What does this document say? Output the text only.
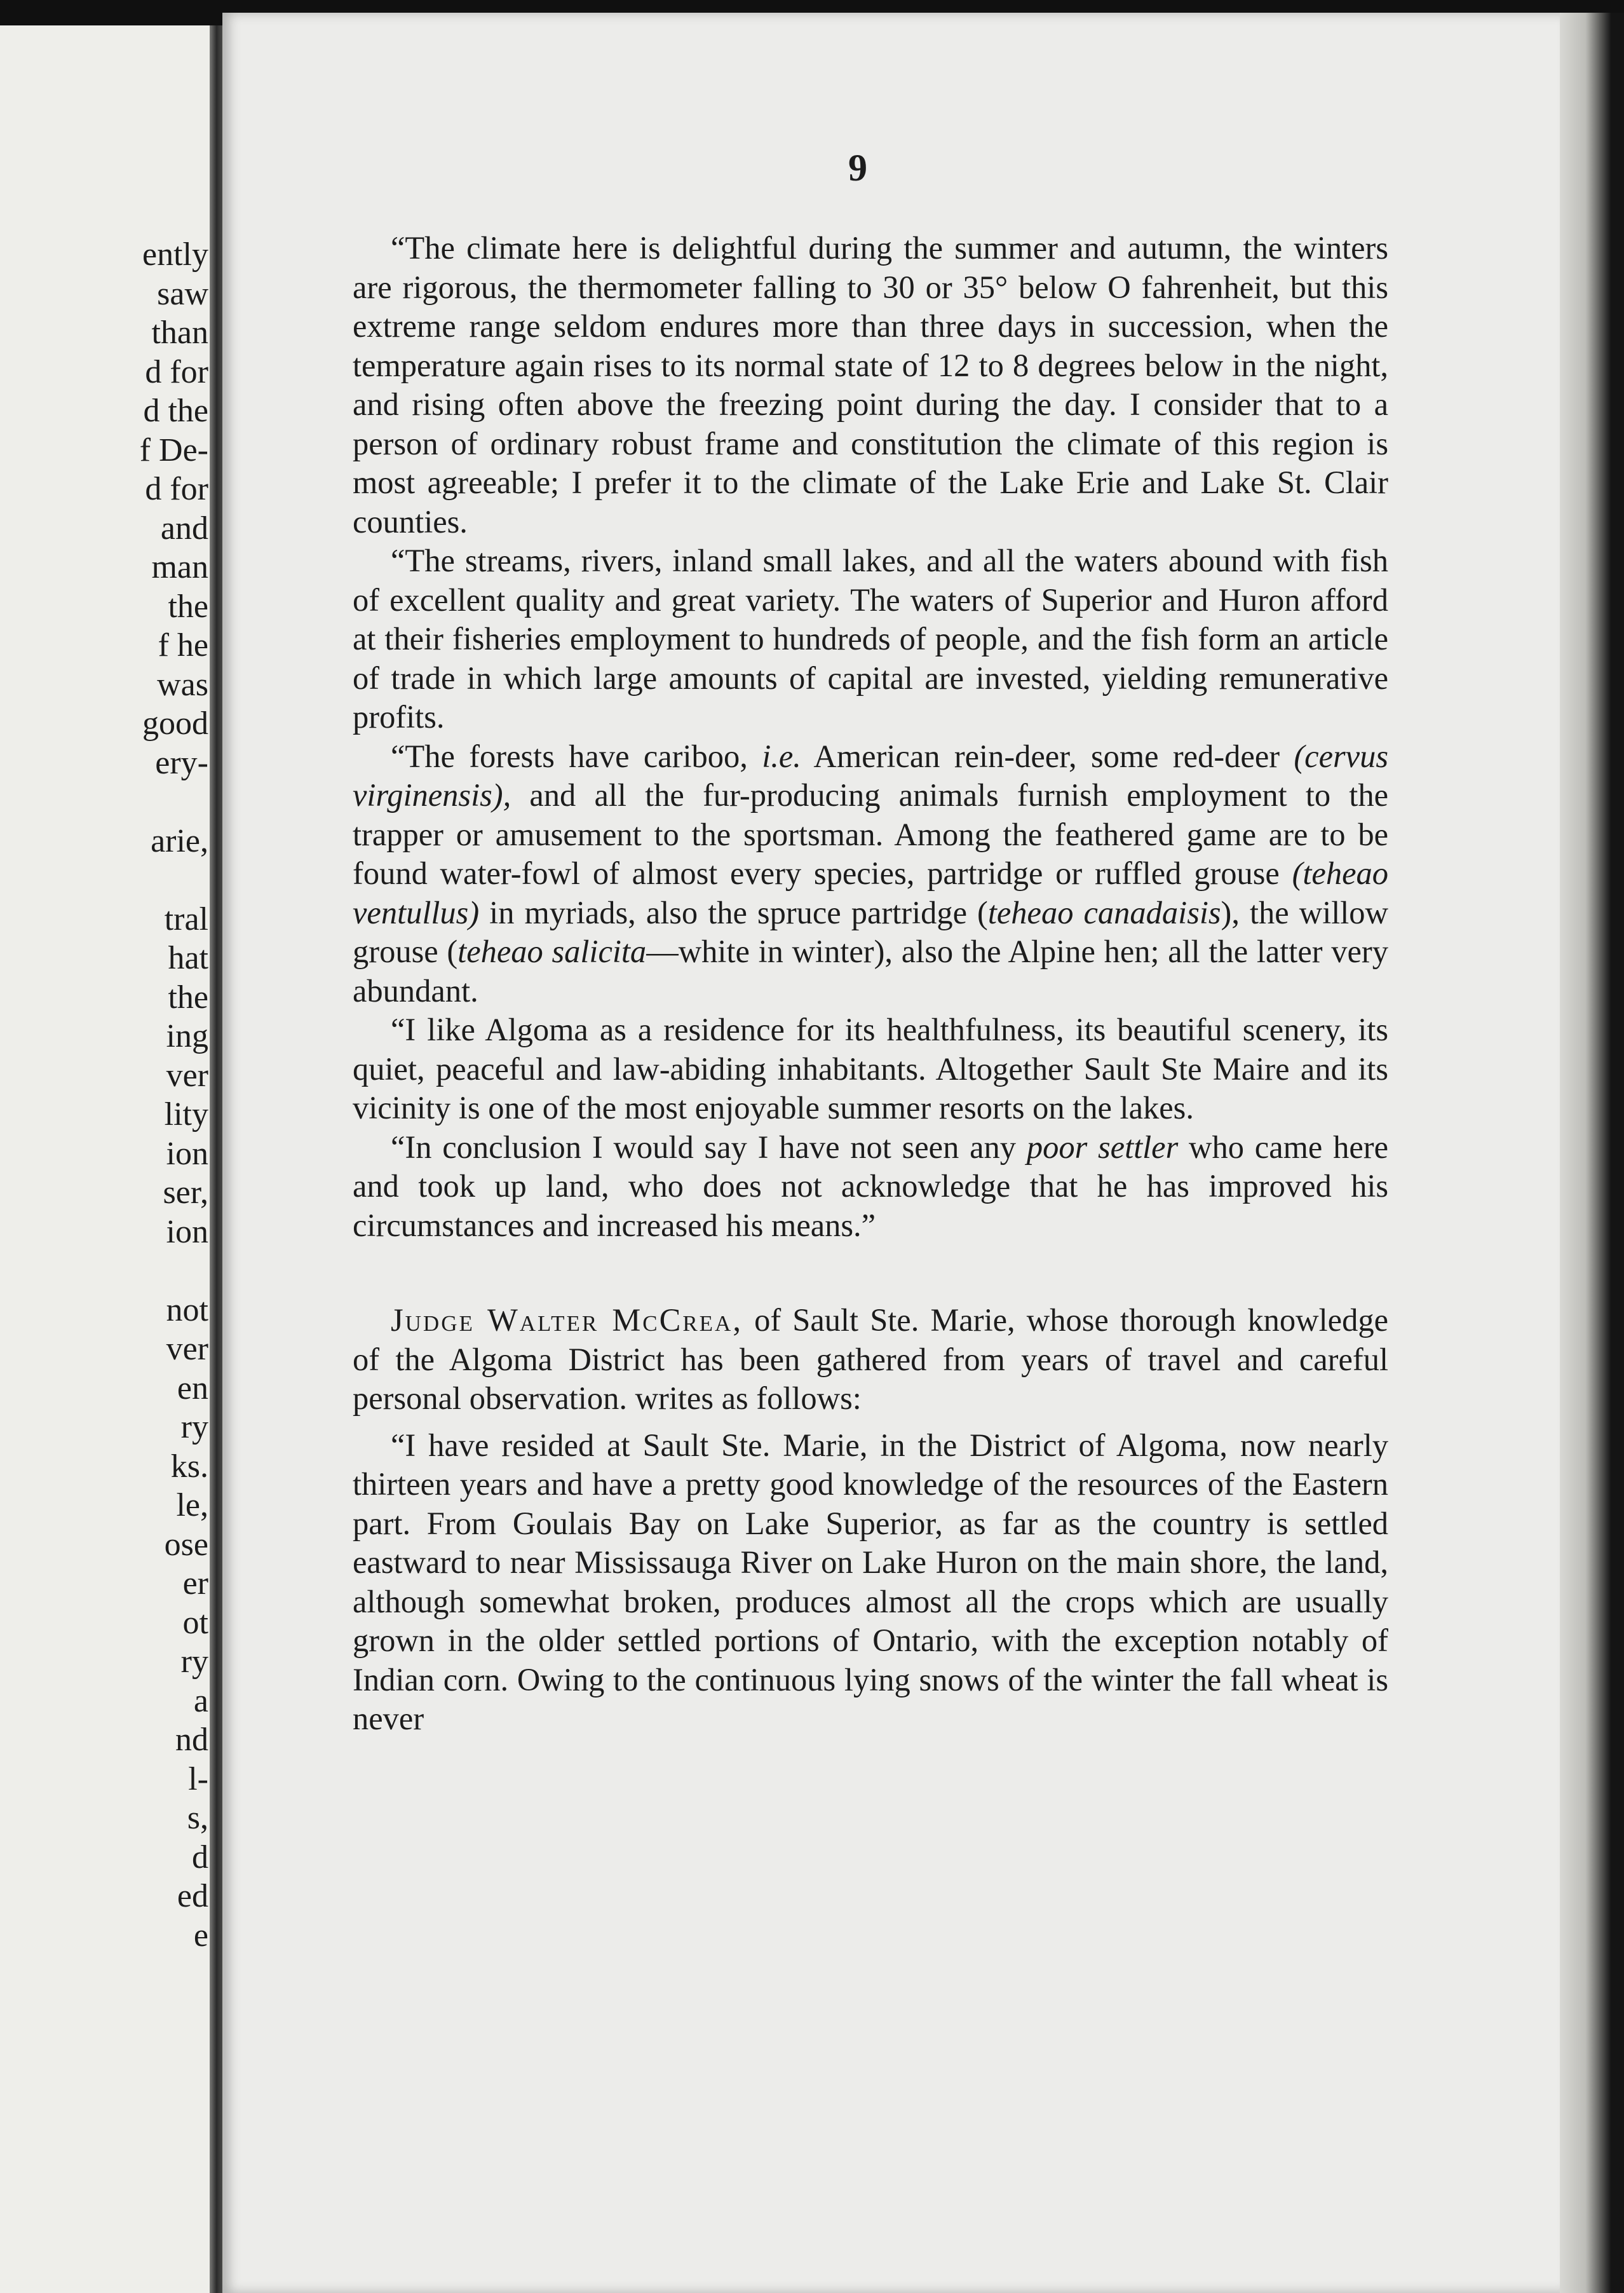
ently
saw
than
d for
d the
f De-
d for
and
man
the
f he
was
good
ery-
arie,
tral
hat
the
ing
ver
lity
ion
ser,
ion
not
ver
en
ry
ks.
le,
ose
er
ot
ry
a
nd
l-
s,
d
ed
e
9

“The climate here is delightful during the summer and autumn, the winters are rigorous, the thermometer falling to 30 or 35° below O fahrenheit, but this extreme range seldom endures more than three days in succession, when the temperature again rises to its normal state of 12 to 8 degrees below in the night, and rising often above the freezing point during the day. I consider that to a person of ordinary robust frame and constitution the climate of this region is most agreeable; I prefer it to the climate of the Lake Erie and Lake St. Clair counties.

“The streams, rivers, inland small lakes, and all the waters abound with fish of excellent quality and great variety. The waters of Superior and Huron afford at their fisheries employment to hundreds of people, and the fish form an article of trade in which large amounts of capital are invested, yielding remunerative profits.

“The forests have cariboo, i.e. American rein-deer, some red-deer (cervus virginensis), and all the fur-producing animals furnish employment to the trapper or amusement to the sportsman. Among the feathered game are to be found water-fowl of almost every species, partridge or ruffled grouse (teheao ventullus) in myriads, also the spruce partridge (teheao canadaisis), the willow grouse (teheao salicita—white in winter), also the Alpine hen; all the latter very abundant.

“I like Algoma as a residence for its healthfulness, its beautiful scenery, its quiet, peaceful and law-abiding inhabitants. Altogether Sault Ste Maire and its vicinity is one of the most enjoyable summer resorts on the lakes.

“In conclusion I would say I have not seen any poor settler who came here and took up land, who does not acknowledge that he has improved his circumstances and increased his means.”

Judge Walter McCrea, of Sault Ste. Marie, whose thorough knowledge of the Algoma District has been gathered from years of travel and careful personal observation. writes as follows:

“I have resided at Sault Ste. Marie, in the District of Algoma, now nearly thirteen years and have a pretty good knowledge of the resources of the Eastern part. From Goulais Bay on Lake Superior, as far as the country is settled eastward to near Mississauga River on Lake Huron on the main shore, the land, although somewhat broken, produces almost all the crops which are usually grown in the older settled portions of Ontario, with the exception notably of Indian corn. Owing to the continuous lying snows of the winter the fall wheat is never
